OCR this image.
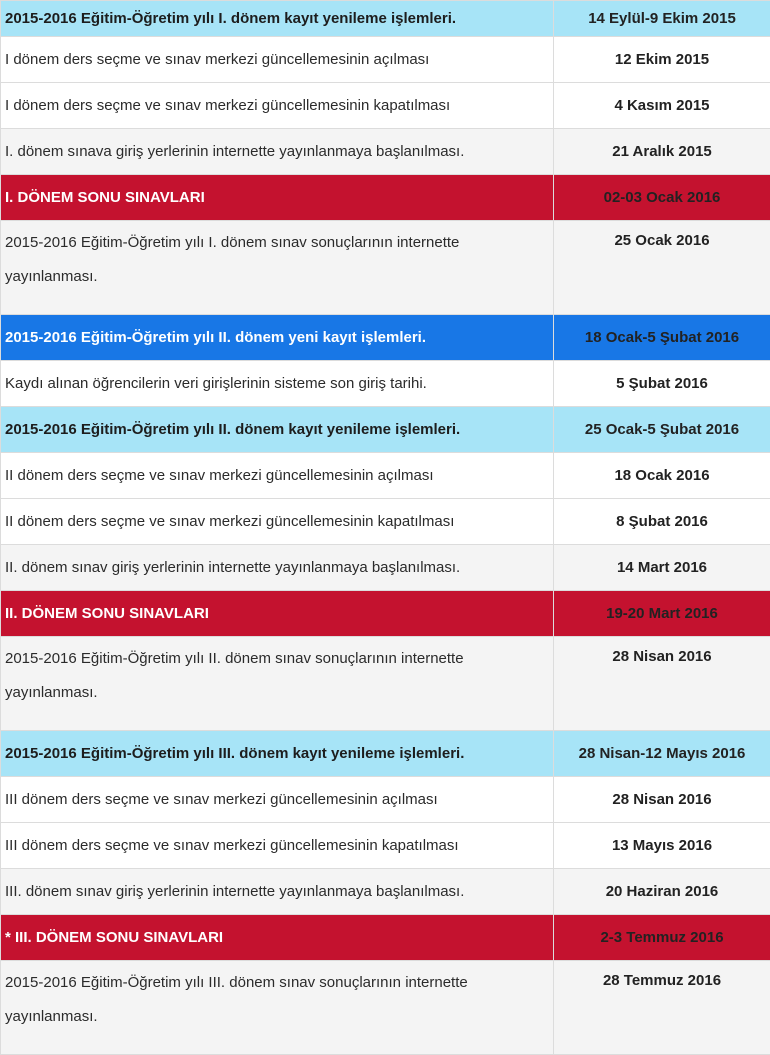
2015-2016 Eğitim-Öğretim yılı I. dönem kayıt yenileme işlemleri.	14 Eylül-9 Ekim 2015
I dönem ders seçme ve sınav merkezi güncellemesinin açılması	12 Ekim 2015
I dönem ders seçme ve sınav merkezi güncellemesinin kapatılması	4 Kasım 2015
I. dönem sınava giriş yerlerinin internette yayınlanmaya başlanılması.	21 Aralık 2015
I. DÖNEM SONU SINAVLARI	02-03 Ocak 2016
2015-2016 Eğitim-Öğretim yılı I. dönem sınav sonuçlarının internette yayınlanması.	25 Ocak 2016
2015-2016 Eğitim-Öğretim yılı II. dönem yeni kayıt işlemleri.	18 Ocak-5 Şubat 2016
Kaydı alınan öğrencilerin veri girişlerinin sisteme son giriş tarihi.	5 Şubat 2016
2015-2016 Eğitim-Öğretim yılı II. dönem kayıt yenileme işlemleri.	25 Ocak-5 Şubat 2016
II dönem ders seçme ve sınav merkezi güncellemesinin açılması	18 Ocak 2016
II dönem ders seçme ve sınav merkezi güncellemesinin kapatılması	8 Şubat 2016
II. dönem sınav giriş yerlerinin internette yayınlanmaya başlanılması.	14 Mart 2016
II. DÖNEM SONU SINAVLARI	19-20 Mart 2016
2015-2016 Eğitim-Öğretim yılı II. dönem sınav sonuçlarının internette yayınlanması.	28 Nisan 2016
2015-2016 Eğitim-Öğretim yılı III. dönem kayıt yenileme işlemleri.	28 Nisan-12 Mayıs 2016
III dönem ders seçme ve sınav merkezi güncellemesinin açılması	28 Nisan 2016
III dönem ders seçme ve sınav merkezi güncellemesinin kapatılması	13 Mayıs 2016
III. dönem sınav giriş yerlerinin internette yayınlanmaya başlanılması.	20 Haziran 2016
* III. DÖNEM SONU SINAVLARI	2-3 Temmuz 2016
2015-2016 Eğitim-Öğretim yılı III. dönem sınav sonuçlarının internette yayınlanması.	28 Temmuz 2016
